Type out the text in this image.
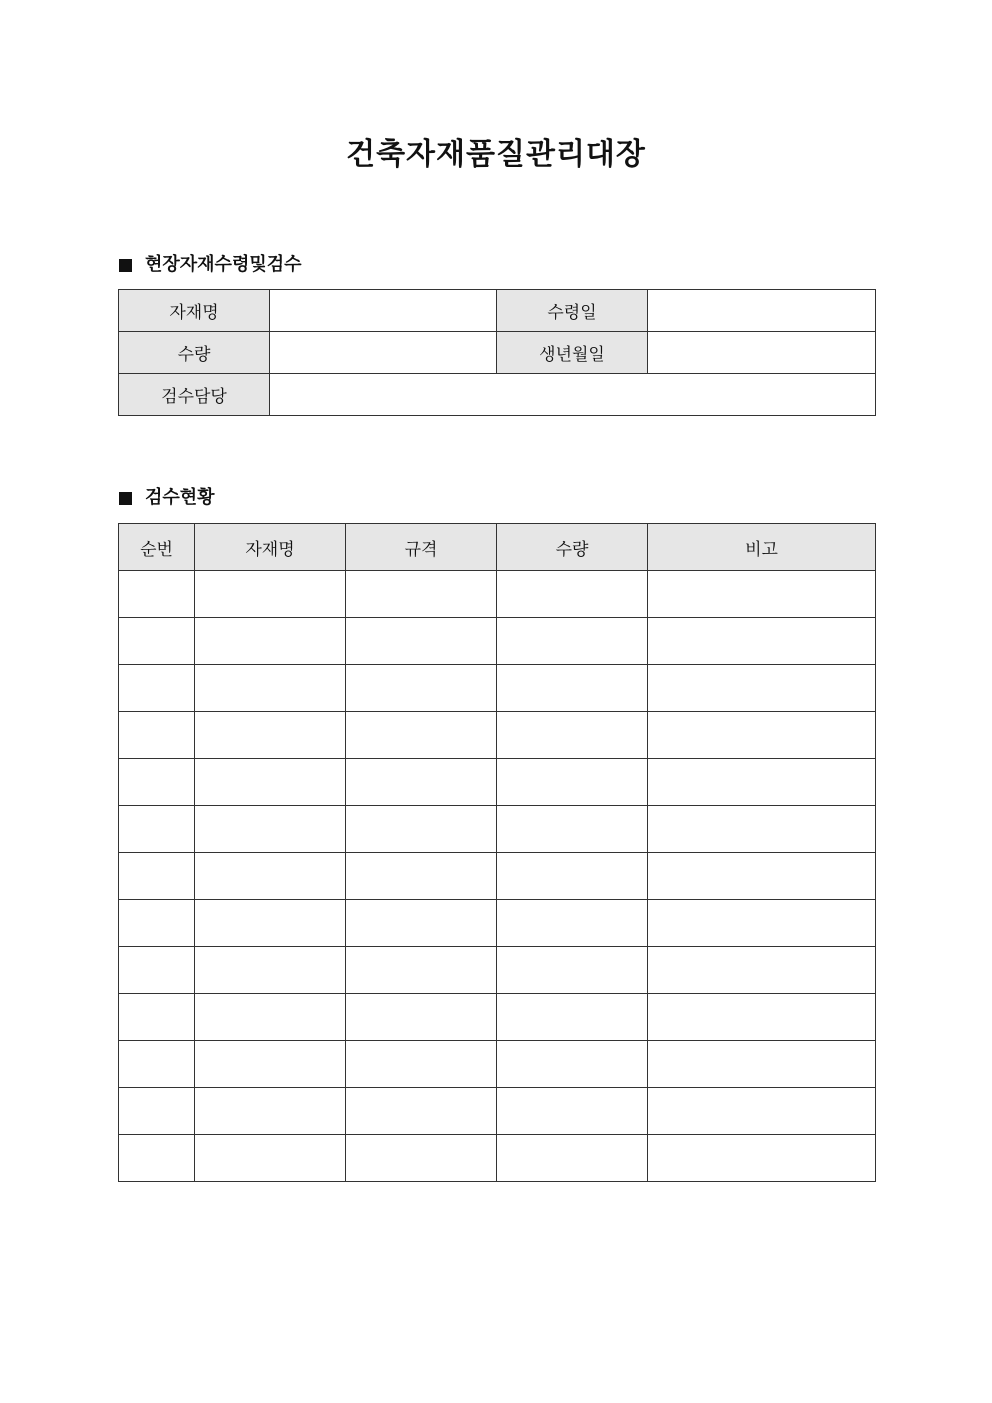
건축자재품질관리대장
현장자재수령및검수
자재명		수령일	
수량		생년월일	
검수담당			
검수현황
순번	자재명	규격	수량	비고
